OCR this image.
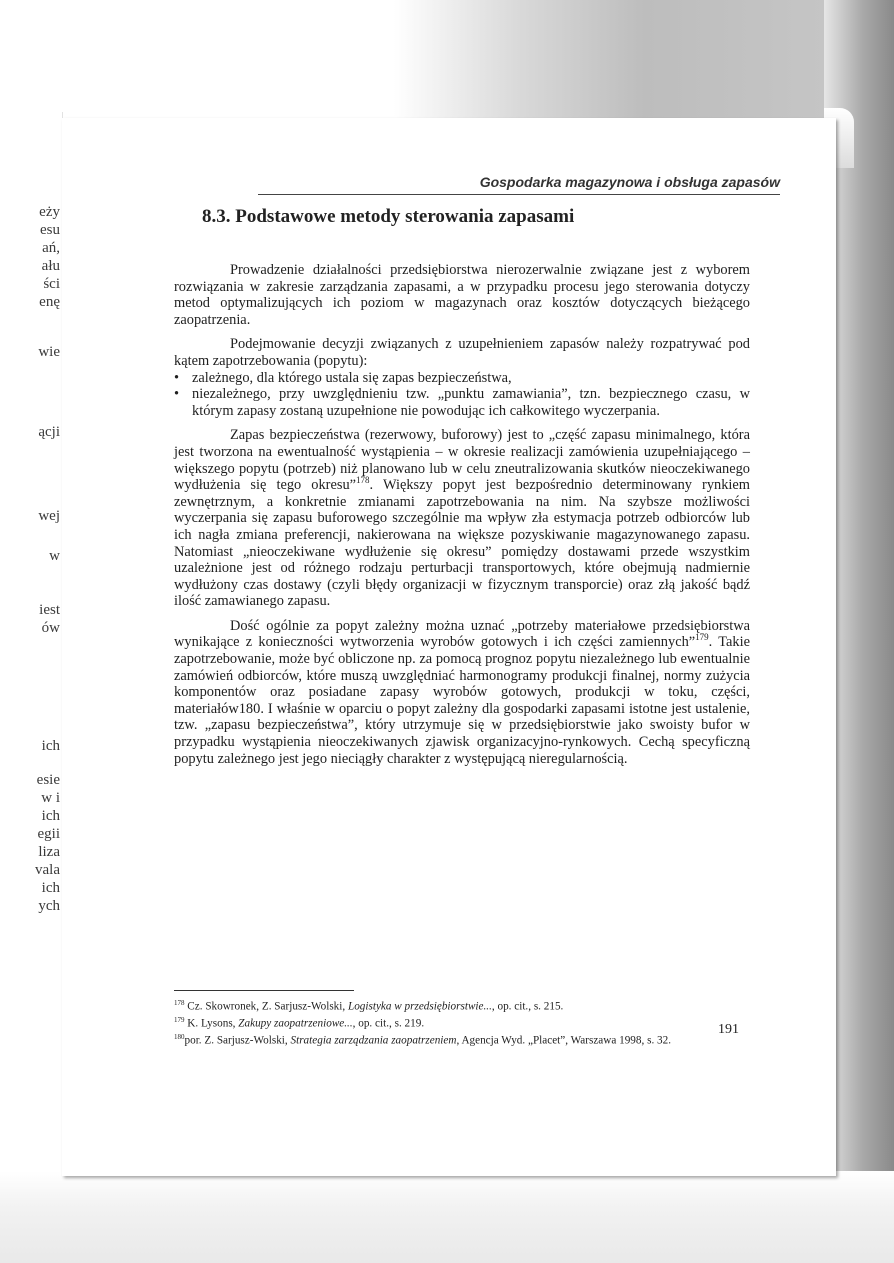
eży
esu
ań,
ału
ści
enę
wie
ącji
wej
w
iest
ów
ich
esie
w i
ich
egii
liza
vala
ich
ych
Gospodarka magazynowa i obsługa zapasów
8.3. Podstawowe metody sterowania zapasami

Prowadzenie działalności przedsiębiorstwa nierozerwalnie związane jest z wyborem rozwiązania w zakresie zarządzania zapasami, a w przypadku procesu jego sterowania dotyczy metod optymalizujących ich poziom w magazynach oraz kosztów dotyczących bieżącego zaopatrzenia.

Podejmowanie decyzji związanych z uzupełnieniem zapasów należy rozpatrywać pod kątem zapotrzebowania (popytu):

• zależnego, dla którego ustala się zapas bezpieczeństwa,
• niezależnego, przy uwzględnieniu tzw. „punktu zamawiania”, tzn. bezpiecznego czasu, w którym zapasy zostaną uzupełnione nie powodując ich całkowitego wyczerpania.

Zapas bezpieczeństwa (rezerwowy, buforowy) jest to „część zapasu minimalnego, która jest tworzona na ewentualność wystąpienia – w okresie realizacji zamówienia uzupełniającego – większego popytu (potrzeb) niż planowano lub w celu zneutralizowania skutków nieoczekiwanego wydłużenia się tego okresu”$^{178}$. Większy popyt jest bezpośrednio determinowany rynkiem zewnętrznym, a konkretnie zmianami zapotrzebowania na nim. Na szybsze możliwości wyczerpania się zapasu buforowego szczególnie ma wpływ zła estymacja potrzeb odbiorców lub ich nagła zmiana preferencji, nakierowana na większe pozyskiwanie magazynowanego zapasu. Natomiast „nieoczekiwane wydłużenie się okresu” pomiędzy dostawami przede wszystkim uzależnione jest od różnego rodzaju perturbacji transportowych, które obejmują nadmiernie wydłużony czas dostawy (czyli błędy organizacji w fizycznym transporcie) oraz złą jakość bądź ilość zamawianego zapasu.

Dość ogólnie za popyt zależny można uznać „potrzeby materiałowe przedsiębiorstwa wynikające z konieczności wytworzenia wyrobów gotowych i ich części zamiennych”$^{179}$. Takie zapotrzebowanie, może być obliczone np. za pomocą prognoz popytu niezależnego lub ewentualnie zamówień odbiorców, które muszą uwzględniać harmonogramy produkcji finalnej, normy zużycia komponentów oraz posiadane zapasy wyrobów gotowych, produkcji w toku, części, materiałów180. I właśnie w oparciu o popyt zależny dla gospodarki zapasami istotne jest ustalenie, tzw. „zapasu bezpieczeństwa”, który utrzymuje się w przedsiębiorstwie jako swoisty bufor w przypadku wystąpienia nieoczekiwanych zjawisk organizacyjno-rynkowych. Cechą specyficzną popytu zależnego jest jego nieciągły charakter z występującą nieregularnością.

$^{178}$ Cz. Skowronek, Z. Sarjusz-Wolski, Logistyka w przedsiębiorstwie..., op. cit., s. 215.

$^{179}$ K. Lysons, Zakupy zaopatrzeniowe..., op. cit., s. 219.

$^{180}$por. Z. Sarjusz-Wolski, Strategia zarządzania zaopatrzeniem, Agencja Wyd. „Placet”, Warszawa 1998, s. 32.

191
